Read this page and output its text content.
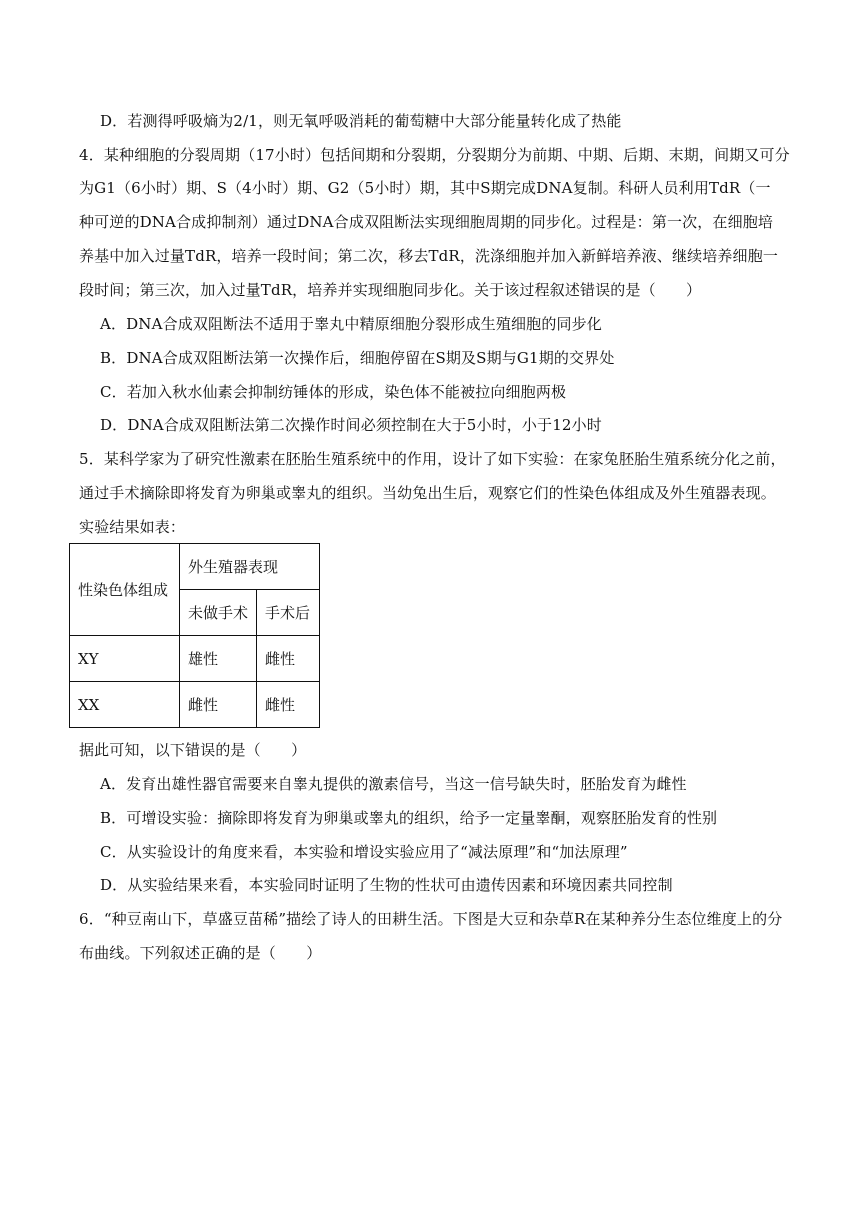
D．若测得呼吸熵为2/1，则无氧呼吸消耗的葡萄糖中大部分能量转化成了热能
4．某种细胞的分裂周期（17小时）包括间期和分裂期，分裂期分为前期、中期、后期、末期，间期又可分
为G1（6小时）期、S（4小时）期、G2（5小时）期，其中S期完成DNA复制。科研人员利用TdR（一
种可逆的DNA合成抑制剂）通过DNA合成双阻断法实现细胞周期的同步化。过程是：第一次，在细胞培
养基中加入过量TdR，培养一段时间；第二次，移去TdR，洗涤细胞并加入新鲜培养液、继续培养细胞一
段时间；第三次，加入过量TdR，培养并实现细胞同步化。关于该过程叙述错误的是（　　）
A．DNA合成双阻断法不适用于睾丸中精原细胞分裂形成生殖细胞的同步化
B．DNA合成双阻断法第一次操作后，细胞停留在S期及S期与G1期的交界处
C．若加入秋水仙素会抑制纺锤体的形成，染色体不能被拉向细胞两极
D．DNA合成双阻断法第二次操作时间必须控制在大于5小时，小于12小时
5．某科学家为了研究性激素在胚胎生殖系统中的作用，设计了如下实验：在家兔胚胎生殖系统分化之前，
通过手术摘除即将发育为卵巢或睾丸的组织。当幼兔出生后，观察它们的性染色体组成及外生殖器表现。
实验结果如表：
性染色体组成	外生殖器表现	
	未做手术	手术后
XY	雄性	雌性
XX	雌性	雌性
据此可知，以下错误的是（　　）
A．发育出雄性器官需要来自睾丸提供的激素信号，当这一信号缺失时，胚胎发育为雌性
B．可增设实验：摘除即将发育为卵巢或睾丸的组织，给予一定量睾酮，观察胚胎发育的性别
C．从实验设计的角度来看，本实验和增设实验应用了“减法原理”和“加法原理”
D．从实验结果来看，本实验同时证明了生物的性状可由遗传因素和环境因素共同控制
6．“种豆南山下，草盛豆苗稀”描绘了诗人的田耕生活。下图是大豆和杂草R在某种养分生态位维度上的分
布曲线。下列叙述正确的是（　　）
